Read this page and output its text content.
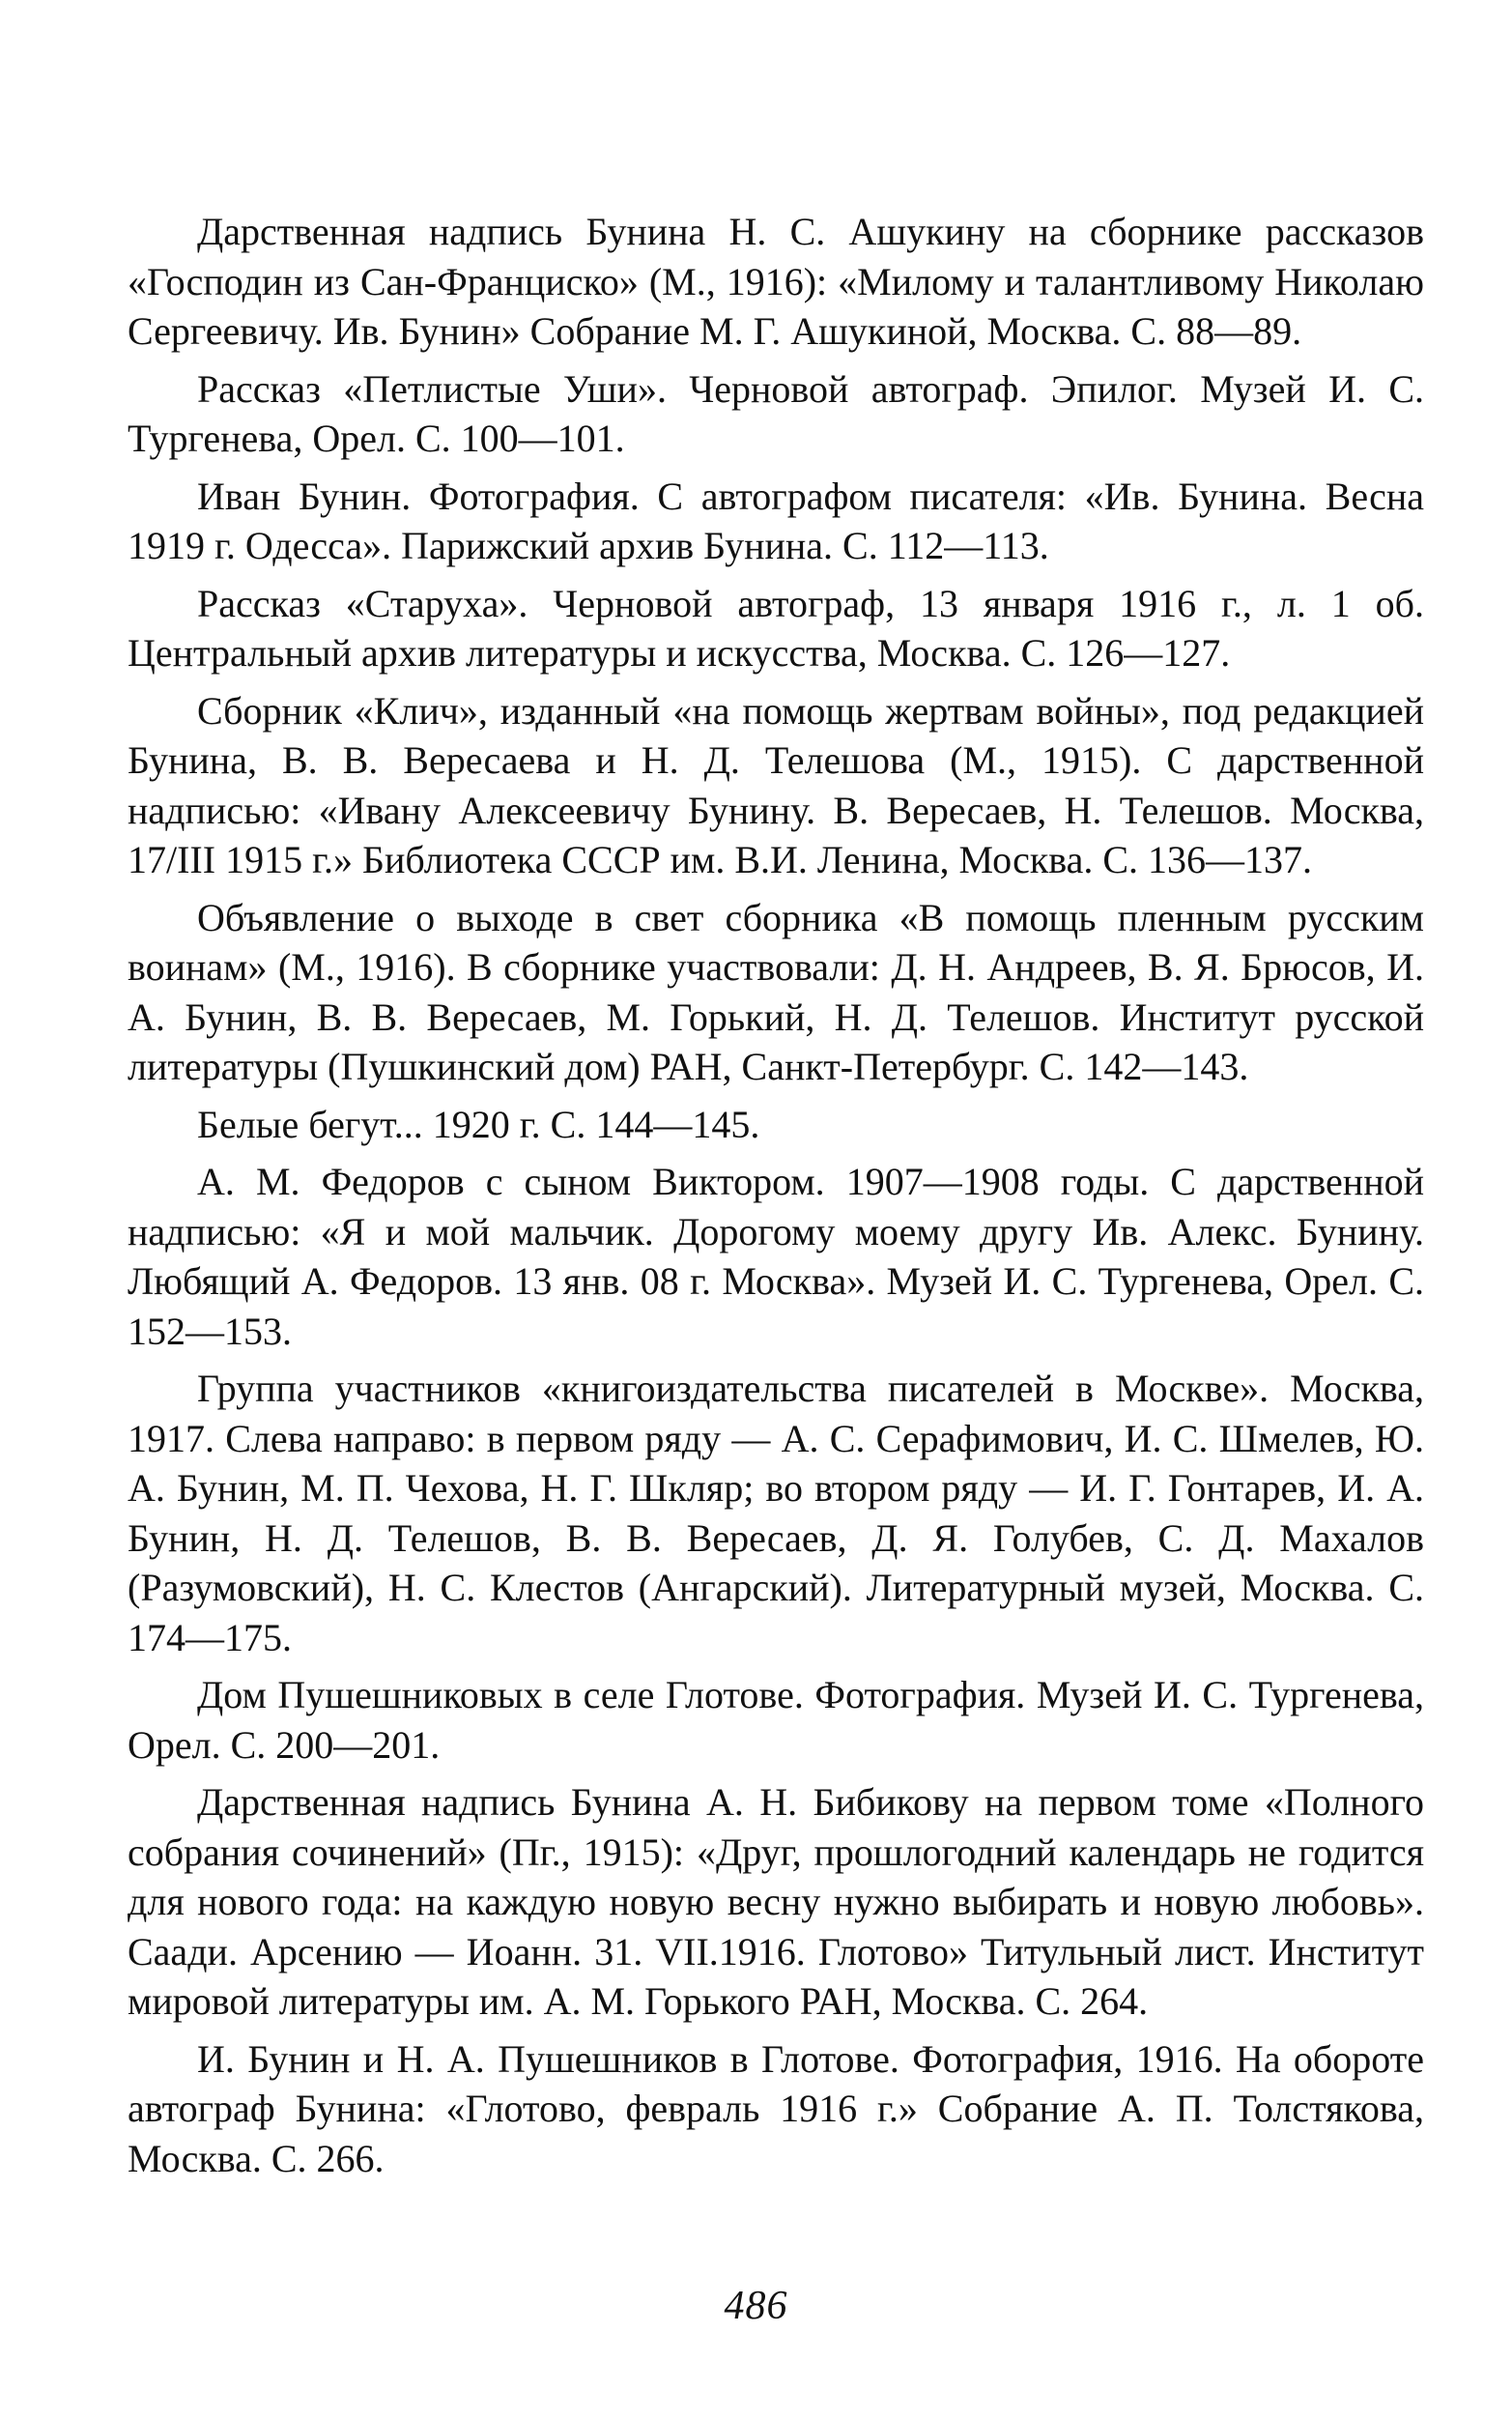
Дарственная надпись Бунина Н. С. Ашукину на сборнике рассказов «Господин из Сан-Франциско» (М., 1916): «Милому и талантливому Николаю Сергеевичу. Ив. Бунин» Собрание М. Г. Ашукиной, Москва. С. 88—89.

Рассказ «Петлистые Уши». Черновой автограф. Эпилог. Музей И. С. Тургенева, Орел. С. 100—101.

Иван Бунин. Фотография. С автографом писателя: «Ив. Бунина. Весна 1919 г. Одесса». Парижский архив Бунина. С. 112—113.

Рассказ «Старуха». Черновой автограф, 13 января 1916 г., л. 1 об. Центральный архив литературы и искусства, Москва. С. 126—127.

Сборник «Клич», изданный «на помощь жертвам войны», под редакцией Бунина, В. В. Вересаева и Н. Д. Телешова (М., 1915). С дарственной надписью: «Ивану Алексеевичу Бунину. В. Вересаев, Н. Телешов. Москва, 17/III 1915 г.» Библиотека СССР им. В.И. Ленина, Москва. С. 136—137.

Объявление о выходе в свет сборника «В помощь пленным русским воинам» (М., 1916). В сборнике участвовали: Д. Н. Андреев, В. Я. Брюсов, И. А. Бунин, В. В. Вересаев, М. Горький, Н. Д. Телешов. Институт русской литературы (Пушкинский дом) РАН, Санкт-Петербург. С. 142—143.

Белые бегут... 1920 г. С. 144—145.

А. М. Федоров с сыном Виктором. 1907—1908 годы. С дарственной надписью: «Я и мой мальчик. Дорогому моему другу Ив. Алекс. Бунину. Любящий А. Федоров. 13 янв. 08 г. Москва». Музей И. С. Тургенева, Орел. С. 152—153.

Группа участников «книгоиздательства писателей в Москве». Москва, 1917. Слева направо: в первом ряду — А. С. Серафимович, И. С. Шмелев, Ю. А. Бунин, М. П. Чехова, Н. Г. Шкляр; во втором ряду — И. Г. Гонтарев, И. А. Бунин, Н. Д. Телешов, В. В. Вересаев, Д. Я. Голубев, С. Д. Махалов (Разумовский), Н. С. Клестов (Ангарский). Литературный музей, Москва. С. 174—175.

Дом Пушешниковых в селе Глотове. Фотография. Музей И. С. Тургенева, Орел. С. 200—201.

Дарственная надпись Бунина А. Н. Бибикову на первом томе «Полного собрания сочинений» (Пг., 1915): «Друг, прошлогодний календарь не годится для нового года: на каждую новую весну нужно выбирать и новую любовь». Саади. Арсению — Иоанн. 31. VII.1916. Глотово» Титульный лист. Институт мировой литературы им. А. М. Горького РАН, Москва. С. 264.

И. Бунин и Н. А. Пушешников в Глотове. Фотография, 1916. На обороте автограф Бунина: «Глотово, февраль 1916 г.» Собрание А. П. Толстякова, Москва. С. 266.

486
